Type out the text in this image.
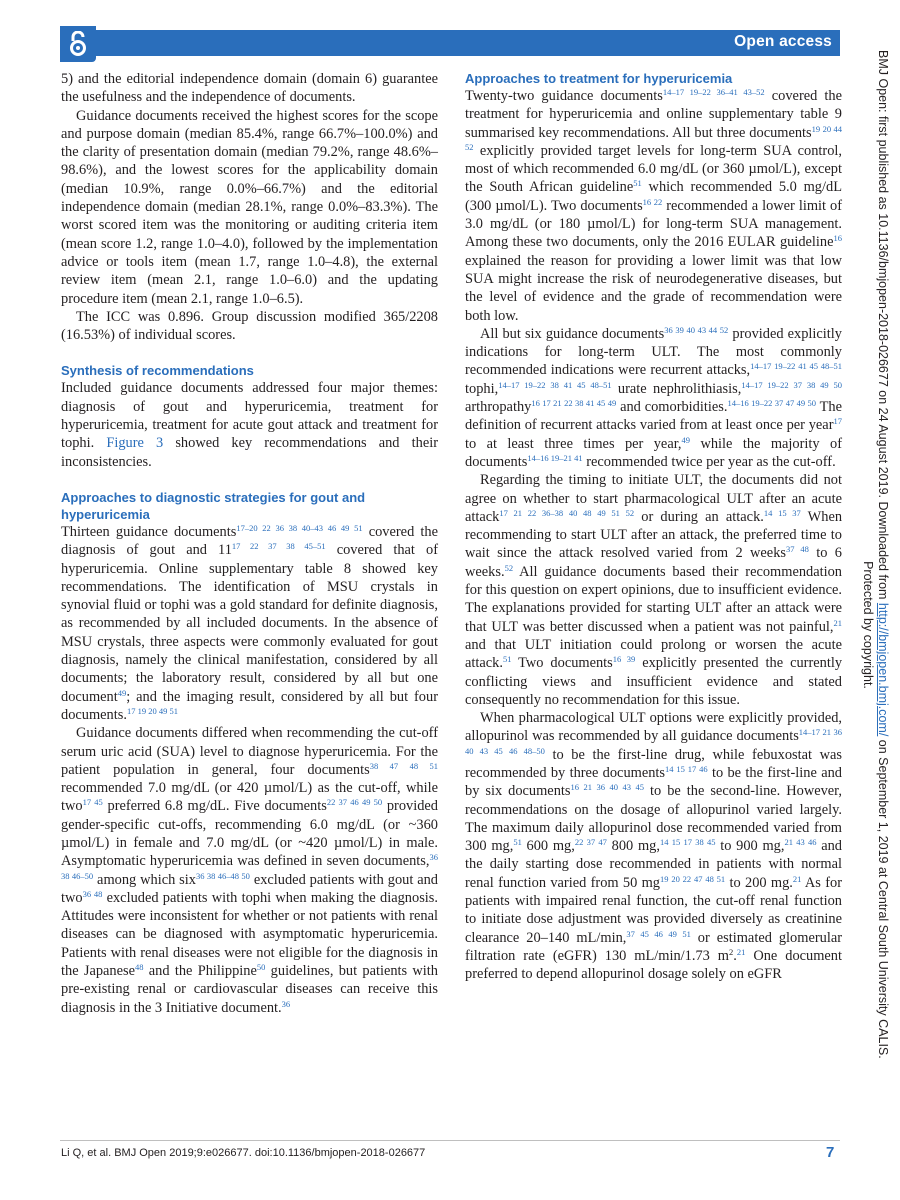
Open access

5) and the editorial independence domain (domain 6) guarantee the usefulness and the independence of documents.

Guidance documents received the highest scores for the scope and purpose domain (median 85.4%, range 66.7%–100.0%) and the clarity of presentation domain (median 79.2%, range 48.6%–98.6%), and the lowest scores for the applicability domain (median 10.9%, range 0.0%–66.7%) and the editorial independence domain (median 28.1%, range 0.0%–83.3%). The worst scored item was the monitoring or auditing criteria item (mean score 1.2, range 1.0–4.0), followed by the implementation advice or tools item (mean 1.7, range 1.0–4.8), the external review item (mean 2.1, range 1.0–6.0) and the updating procedure item (mean 2.1, range 1.0–6.5).

The ICC was 0.896. Group discussion modified 365/2208 (16.53%) of individual scores.

Synthesis of recommendations

Included guidance documents addressed four major themes: diagnosis of gout and hyperuricemia, treatment for hyperuricemia, treatment for acute gout attack and treatment for tophi. Figure 3 showed key recommendations and their inconsistencies.

Approaches to diagnostic strategies for gout and hyperuricemia

Thirteen guidance documents$^{17-20 22 36 38 40-43 46 49 51}$ covered the diagnosis of gout and $11^{17 22 37 38 45-51}$ covered that of hyperuricemia. Online supplementary table 8 showed key recommendations. The identification of MSU crystals in synovial fluid or tophi was a gold standard for definite diagnosis, as recommended by all included documents. In the absence of MSU crystals, three aspects were commonly evaluated for gout diagnosis, namely the clinical manifestation, considered by all documents; the laboratory result, considered by all but one document$^{49}$; and the imaging result, considered by all but four documents.$^{17 19 20 49 51}$

Guidance documents differed when recommending the cut-off serum uric acid (SUA) level to diagnose hyperuricemia. For the patient population in general, four documents$^{38 47 48 51}$ recommended 7.0 mg/dL (or 420 µmol/L) as the cut-off, while two$^{17 45}$ preferred 6.8 mg/dL. Five documents$^{22 37 46 49 50}$ provided gender-specific cut-offs, recommending 6.0 mg/dL (or ~360 µmol/L) in female and 7.0 mg/dL (or ~420 µmol/L) in male. Asymptomatic hyperuricemia was defined in seven documents,$^{36 38 46-50}$ among which six$^{36 38 46-48 50}$ excluded patients with gout and two$^{36 48}$ excluded patients with tophi when making the diagnosis. Attitudes were inconsistent for whether or not patients with renal diseases can be diagnosed with asymptomatic hyperuricemia. Patients with renal diseases were not eligible for the diagnosis in the Japanese$^{48}$ and the Philippine$^{50}$ guidelines, but patients with pre-existing renal or cardiovascular diseases can receive this diagnosis in the 3 Initiative document.$^{36}$

Approaches to treatment for hyperuricemia

Twenty-two guidance documents$^{14-17 19-22 36-41 43-52}$ covered the treatment for hyperuricemia and online supplementary table 9 summarised key recommendations. All but three documents$^{19 20 44 52}$ explicitly provided target levels for long-term SUA control, most of which recommended 6.0 mg/dL (or 360 µmol/L), except the South African guideline$^{51}$ which recommended 5.0 mg/dL (300 µmol/L). Two documents$^{16 22}$ recommended a lower limit of 3.0 mg/dL (or 180 µmol/L) for long-term SUA management. Among these two documents, only the 2016 EULAR guideline$^{16}$ explained the reason for providing a lower limit was that low SUA might increase the risk of neurodegenerative diseases, but the level of evidence and the grade of recommendation were both low.

All but six guidance documents$^{36 39 40 43 44 52}$ provided explicitly indications for long-term ULT. The most commonly recommended indications were recurrent attacks,$^{14-17 19-22 41 45 48-51}$ tophi,$^{14-17 19-22 38 41 45 48-51}$ urate nephrolithiasis,$^{14-17 19-22 37 38 49 50}$ arthropathy$^{16 17 21 22 38 41 45 49}$ and comorbidities.$^{14-16 19-22 37 47 49 50}$ The definition of recurrent attacks varied from at least once per year$^{17}$ to at least three times per year,$^{49}$ while the majority of documents$^{14-16 19-21 41}$ recommended twice per year as the cut-off.

Regarding the timing to initiate ULT, the documents did not agree on whether to start pharmacological ULT after an acute attack$^{17 21 22 36-38 40 48 49 51 52}$ or during an attack.$^{14 15 37}$ When recommending to start ULT after an attack, the preferred time to wait since the attack resolved varied from 2 weeks$^{37 48}$ to 6 weeks.$^{52}$ All guidance documents based their recommendation for this question on expert opinions, due to insufficient evidence. The explanations provided for starting ULT after an attack were that ULT was better discussed when a patient was not painful,$^{21}$ and that ULT initiation could prolong or worsen the acute attack.$^{51}$ Two documents$^{16 39}$ explicitly presented the currently conflicting views and insufficient evidence and stated consequently no recommendation for this issue.

When pharmacological ULT options were explicitly provided, allopurinol was recommended by all guidance documents$^{14-17 21 36 40 43 45 46 48-50}$ to be the first-line drug, while febuxostat was recommended by three documents$^{14 15 17 46}$ to be the first-line and by six documents$^{16 21 36 40 43 45}$ to be the second-line. However, recommendations on the dosage of allopurinol varied largely. The maximum daily allopurinol dose recommended varied from 300 mg,$^{51}$ 600 mg,$^{22 37 47}$ 800 mg,$^{14 15 17 38 45}$ to 900 mg,$^{21 43 46}$ and the daily starting dose recommended in patients with normal renal function varied from 50 $mg^{19 20 22 47 48 51}$ to 200 mg.$^{21}$ As for patients with impaired renal function, the cut-off renal function to initiate dose adjustment was provided diversely as creatinine clearance 20–140 mL/min,$^{37 45 46 49 51}$ or estimated glomerular filtration rate (eGFR) 130 mL/min/1.73 $m^2.^{21}$ One document preferred to depend allopurinol dosage solely on eGFR

BMJ Open: first published as 10.1136/bmjopen-2018-026677 on 24 August 2019. Downloaded from http://bmjopen.bmj.com/ on September 1, 2019 at Central South University CALIS.
Protected by copyright.
Li Q, et al. BMJ Open 2019;9:e026677. doi:10.1136/bmjopen-2018-026677	7
